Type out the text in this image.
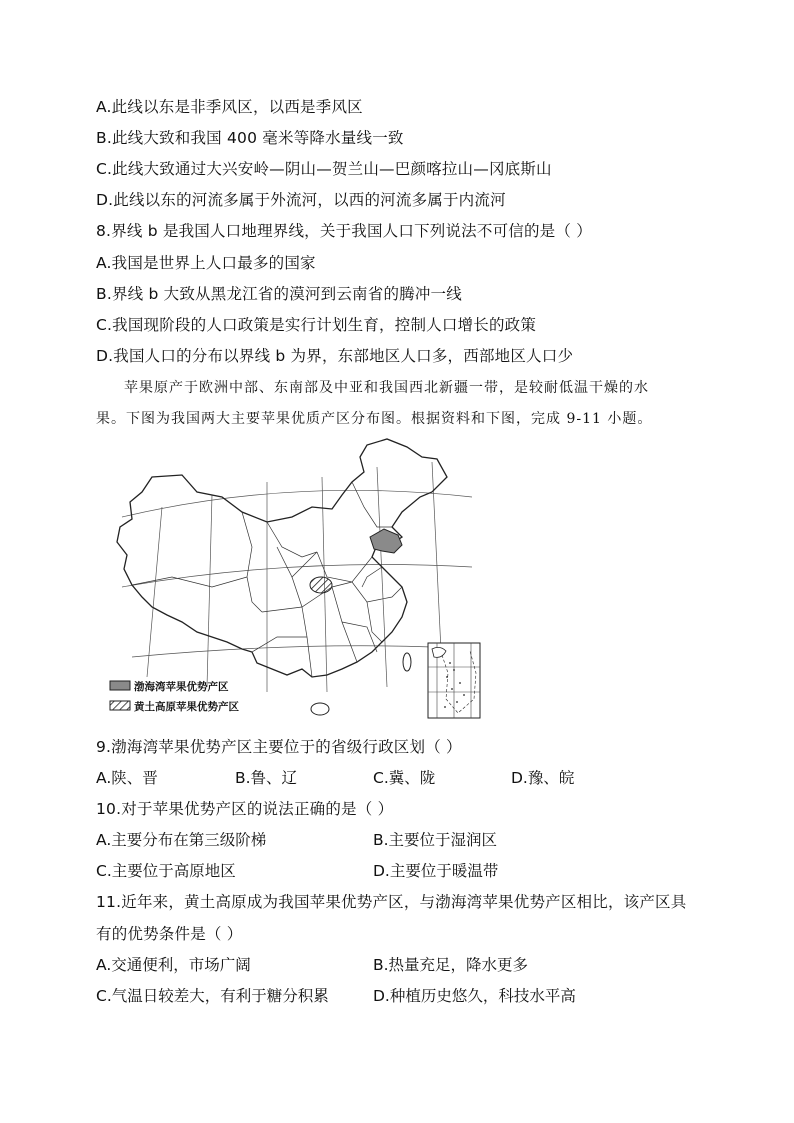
A.此线以东是非季风区，以西是季风区
B.此线大致和我国 400 毫米等降水量线一致
C.此线大致通过大兴安岭—阴山—贺兰山—巴颜喀拉山—冈底斯山
D.此线以东的河流多属于外流河，以西的河流多属于内流河
8.界线 b 是我国人口地理界线，关于我国人口下列说法不可信的是（ ）
A.我国是世界上人口最多的国家
B.界线 b 大致从黑龙江省的漠河到云南省的腾冲一线
C.我国现阶段的人口政策是实行计划生育，控制人口增长的政策
D.我国人口的分布以界线 b 为界，东部地区人口多，西部地区人口少
苹果原产于欧洲中部、东南部及中亚和我国西北新疆一带，是较耐低温干燥的水
果。下图为我国两大主要苹果优质产区分布图。根据资料和下图，完成 9-11 小题。
渤海湾苹果优势产区
黄土高原苹果优势产区
9.渤海湾苹果优势产区主要位于的省级行政区划（ ）
A.陕、晋	B.鲁、辽	C.冀、陇	D.豫、皖
10.对于苹果优势产区的说法正确的是（ ）
A.主要分布在第三级阶梯	B.主要位于湿润区
C.主要位于高原地区	D.主要位于暖温带
11.近年来，黄土高原成为我国苹果优势产区，与渤海湾苹果优势产区相比，该产区具
有的优势条件是（ ）
A.交通便利，市场广阔	B.热量充足，降水更多
C.气温日较差大，有利于糖分积累	D.种植历史悠久，科技水平高
